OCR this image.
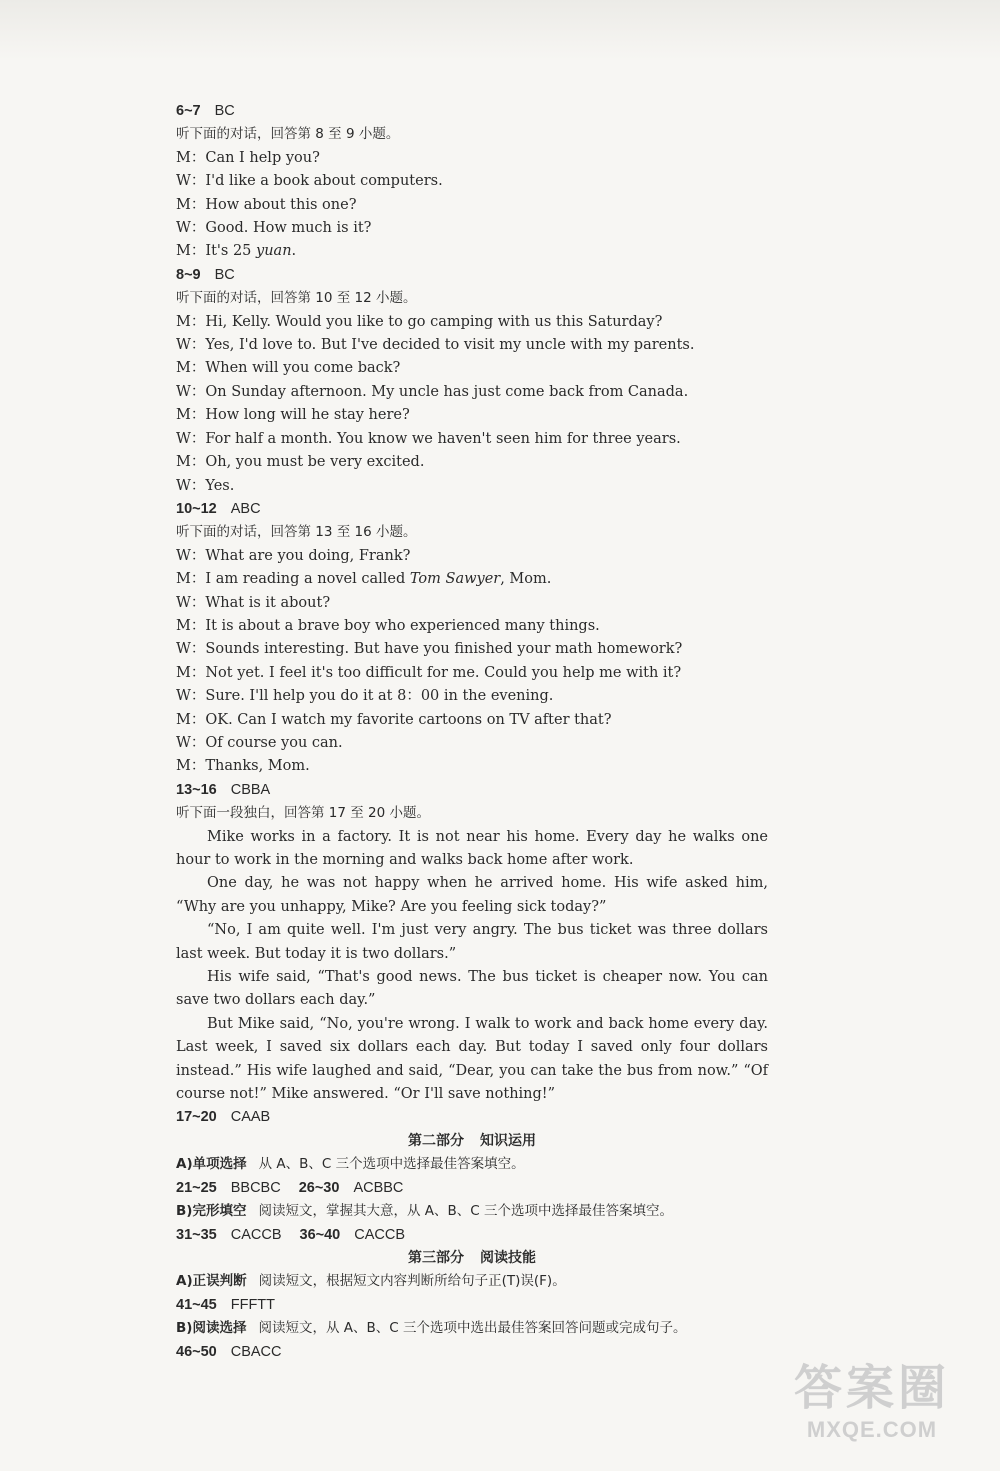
6~7 BC
听下面的对话，回答第 8 至 9 小题。
M：Can I help you?
W：I'd like a book about computers.
M：How about this one?
W：Good. How much is it?
M：It's 25 yuan.
8~9 BC
听下面的对话，回答第 10 至 12 小题。
M：Hi, Kelly. Would you like to go camping with us this Saturday?
W：Yes, I'd love to. But I've decided to visit my uncle with my parents.
M：When will you come back?
W：On Sunday afternoon. My uncle has just come back from Canada.
M：How long will he stay here?
W：For half a month. You know we haven't seen him for three years.
M：Oh, you must be very excited.
W：Yes.
10~12 ABC
听下面的对话，回答第 13 至 16 小题。
W：What are you doing, Frank?
M：I am reading a novel called Tom Sawyer, Mom.
W：What is it about?
M：It is about a brave boy who experienced many things.
W：Sounds interesting. But have you finished your math homework?
M：Not yet. I feel it's too difficult for me. Could you help me with it?
W：Sure. I'll help you do it at 8：00 in the evening.
M：OK. Can I watch my favorite cartoons on TV after that?
W：Of course you can.
M：Thanks, Mom.
13~16 CBBA
听下面一段独白，回答第 17 至 20 小题。
Mike works in a factory. It is not near his home. Every day he walks one hour to work in the morning and walks back home after work.
One day, he was not happy when he arrived home. His wife asked him, “Why are you unhappy, Mike? Are you feeling sick today?”
“No, I am quite well. I'm just very angry. The bus ticket was three dollars last week. But today it is two dollars.”
His wife said, “That's good news. The bus ticket is cheaper now. You can save two dollars each day.”
But Mike said, “No, you're wrong. I walk to work and back home every day. Last week, I saved six dollars each day. But today I saved only four dollars instead.” His wife laughed and said, “Dear, you can take the bus from now.” “Of course not!” Mike answered. “Or I'll save nothing!”
17~20 CAAB
第二部分 知识运用
A)单项选择 从 A、B、C 三个选项中选择最佳答案填空。
21~25 BBCBC 26~30 ACBBC
B)完形填空 阅读短文，掌握其大意，从 A、B、C 三个选项中选择最佳答案填空。
31~35 CACCB 36~40 CACCB
第三部分 阅读技能
A)正误判断 阅读短文，根据短文内容判断所给句子正(T)误(F)。
41~45 FFFTT
B)阅读选择 阅读短文，从 A、B、C 三个选项中选出最佳答案回答问题或完成句子。
46~50 CBACC
答案圈
MXQE.COM
